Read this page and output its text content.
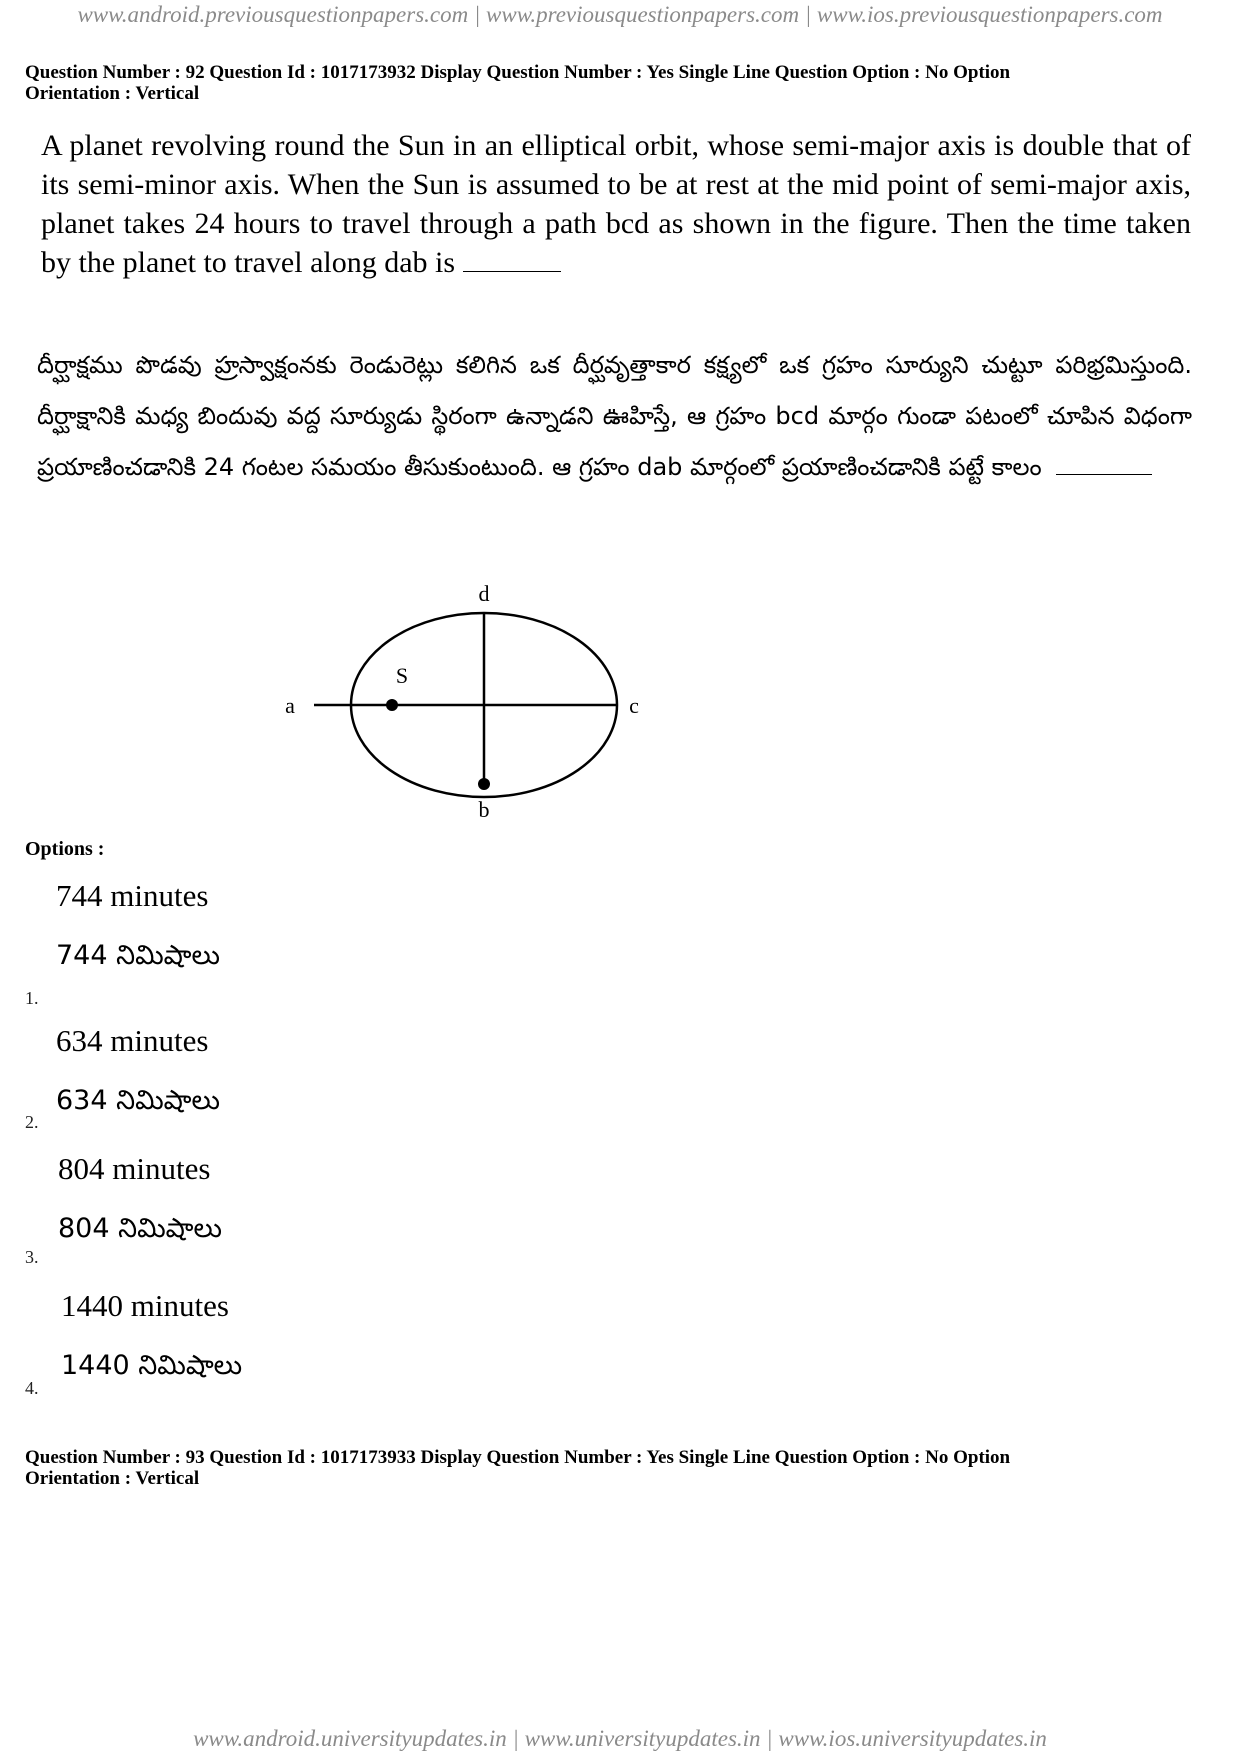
www.android.previousquestionpapers.com | www.previousquestionpapers.com | www.ios.previousquestionpapers.com
Question Number : 92 Question Id : 1017173932 Display Question Number : Yes Single Line Question Option : No Option
Orientation : Vertical
A planet revolving round the Sun in an elliptical orbit, whose semi-major axis is double that of its semi-minor axis. When the Sun is assumed to be at rest at the mid point of semi-major axis, planet takes 24 hours to travel through a path bcd as shown in the figure. Then the time taken by the planet to travel along dab is
దీర్ఘాక్షము పొడవు హ్రస్వాక్షంనకు రెండురెట్లు కలిగిన ఒక దీర్ఘవృత్తాకార కక్ష్యలో ఒక గ్రహం సూర్యుని చుట్టూ పరిభ్రమిస్తుంది. దీర్ఘాక్షానికి మధ్య బిందువు వద్ద సూర్యుడు స్థిరంగా ఉన్నాడని ఊహిస్తే, ఆ గ్రహం bcd మార్గం గుండా పటంలో చూపిన విధంగా ప్రయాణించడానికి 24 గంటల సమయం తీసుకుంటుంది. ఆ గ్రహం dab మార్గంలో ప్రయాణించడానికి పట్టే కాలం
d
S
a	c
b
Options :
744 minutes
744 నిమిషాలు
1.
634 minutes
634 నిమిషాలు
2.
804 minutes
804 నిమిషాలు
3.
1440 minutes
1440 నిమిషాలు
4.
Question Number : 93 Question Id : 1017173933 Display Question Number : Yes Single Line Question Option : No Option
Orientation : Vertical
www.android.universityupdates.in | www.universityupdates.in | www.ios.universityupdates.in
